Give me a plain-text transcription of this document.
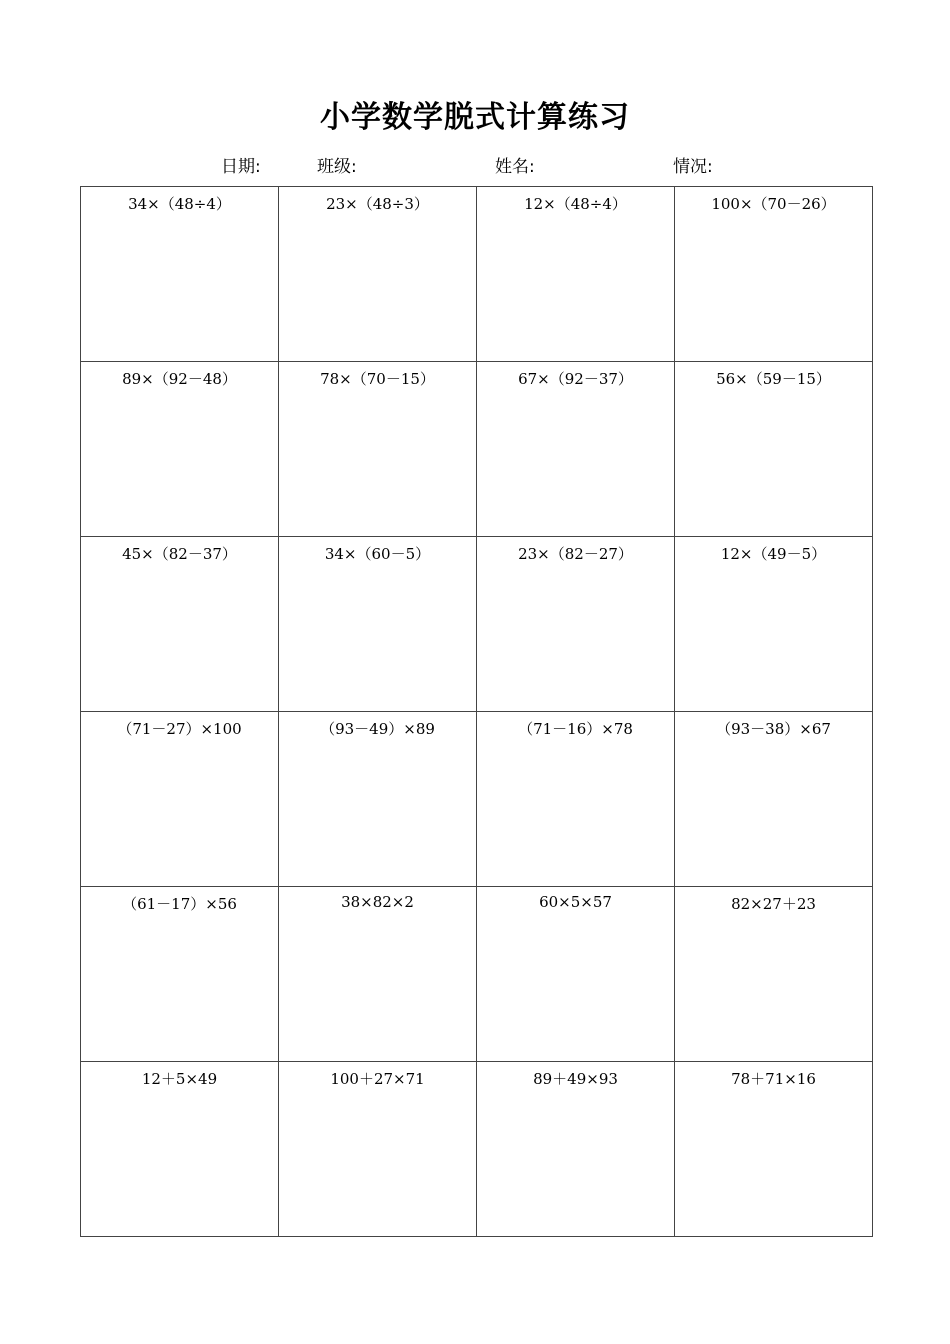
小学数学脱式计算练习
日期:	班级:	姓名:	情况:
34×（48÷4）	23×（48÷3）	12×（48÷4）	100×（70－26）

89×（92－48）	78×（70－15）	67×（92－37）	56×（59－15）

45×（82－37）	34×（60－5）	23×（82－27）	12×（49－5）

（71－27）×100	（93－49）×89	（71－16）×78	（93－38）×67

（61－17）×56	38×82×2	60×5×57	82×27＋23

12＋5×49	100＋27×71	89＋49×93	78＋71×16
